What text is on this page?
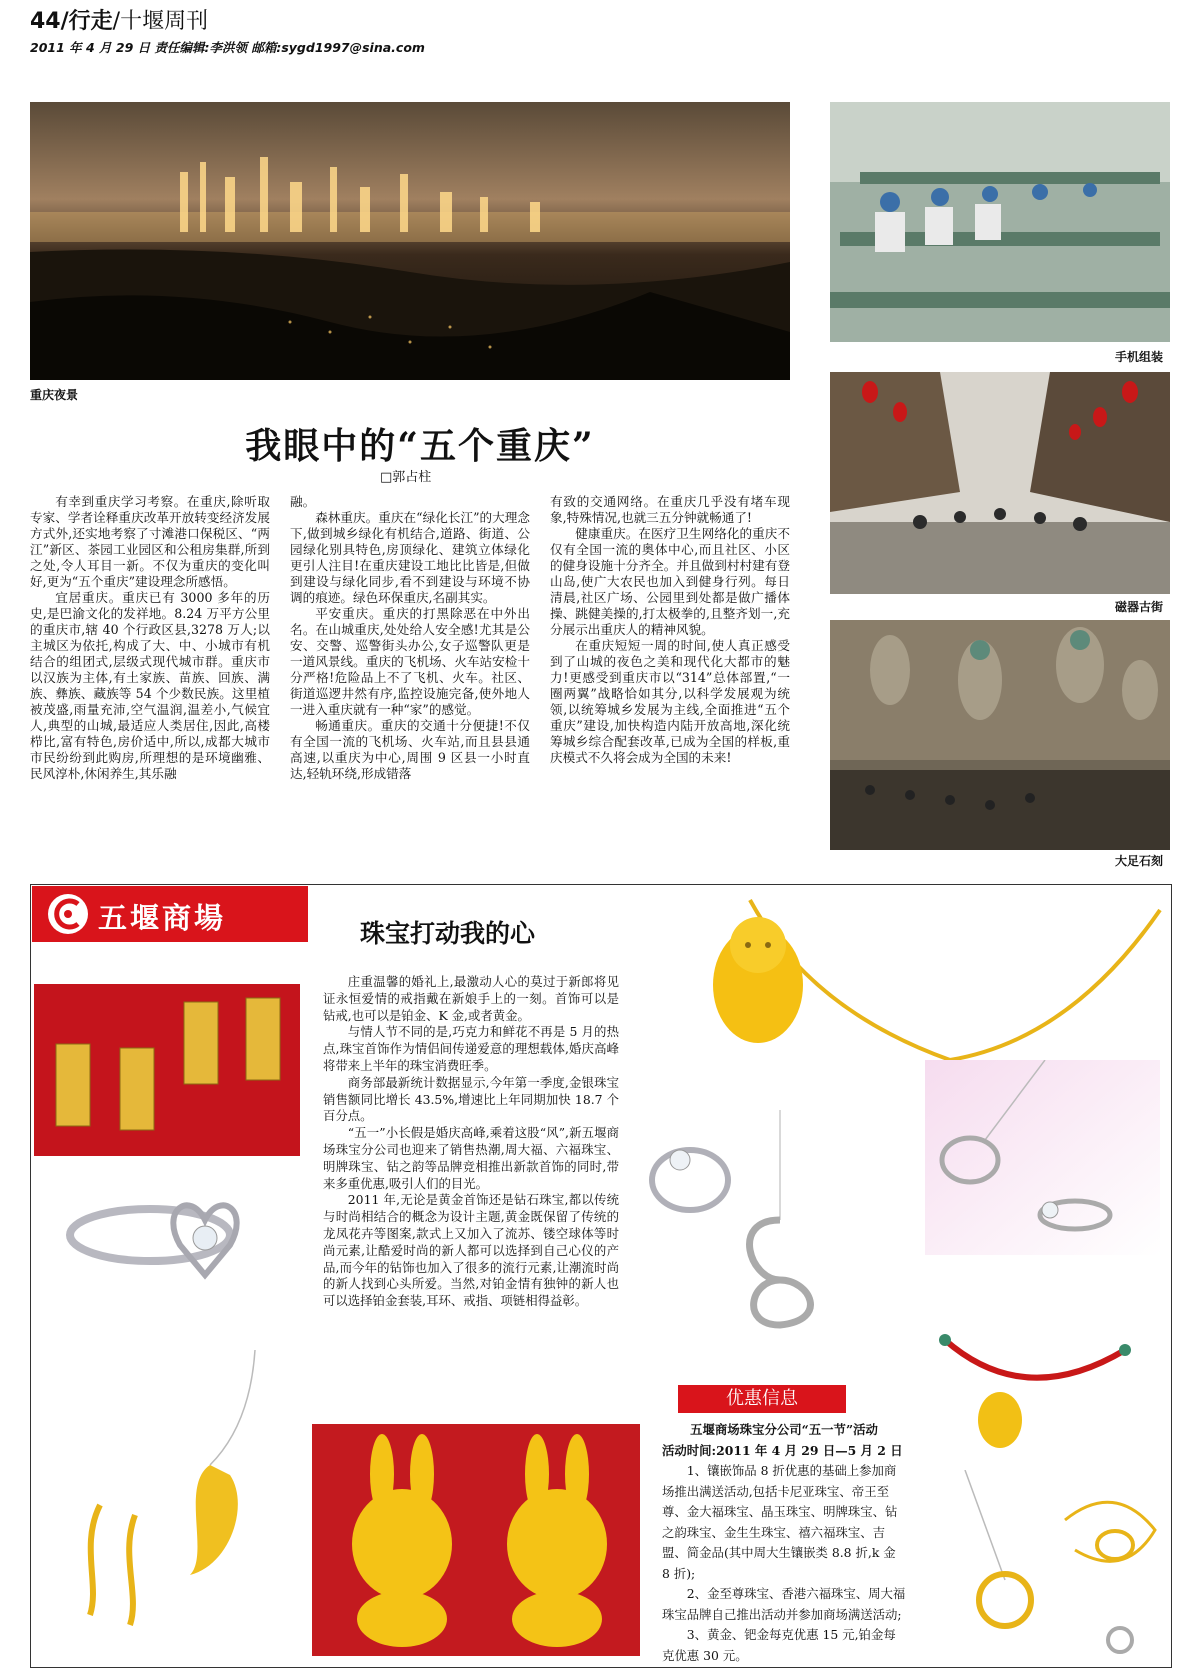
44/行走/十堰周刊
2011 年 4 月 29 日 责任编辑:李洪领 邮箱:sygd1997@sina.com
重庆夜景
手机组装
磁器古街
大足石刻
我眼中的“五个重庆”
□郭占柱

有幸到重庆学习考察。在重庆,除听取专家、学者诠释重庆改革开放转变经济发展方式外,还实地考察了寸滩港口保税区、“两江”新区、茶园工业园区和公租房集群,所到之处,令人耳目一新。不仅为重庆的变化叫好,更为“五个重庆”建设理念所感悟。

宜居重庆。重庆已有 3000 多年的历史,是巴渝文化的发祥地。8.24 万平方公里的重庆市,辖 40 个行政区县,3278 万人;以主城区为依托,构成了大、中、小城市有机结合的组团式,层级式现代城市群。重庆市以汉族为主体,有土家族、苗族、回族、满族、彝族、藏族等 54 个少数民族。这里植被茂盛,雨量充沛,空气温润,温差小,气候宜人,典型的山城,最适应人类居住,因此,高楼栉比,富有特色,房价适中,所以,成都大城市市民纷纷到此购房,所理想的是环境幽雅、民风淳朴,休闲养生,其乐融

融。

森林重庆。重庆在“绿化长江”的大理念下,做到城乡绿化有机结合,道路、街道、公园绿化别具特色,房顶绿化、建筑立体绿化更引人注目!在重庆建设工地比比皆是,但做到建设与绿化同步,看不到建设与环境不协调的痕迹。绿色环保重庆,名副其实。

平安重庆。重庆的打黑除恶在中外出名。在山城重庆,处处给人安全感!尤其是公安、交警、巡警街头办公,女子巡警队更是一道风景线。重庆的飞机场、火车站安检十分严格!危险品上不了飞机、火车。社区、街道巡逻井然有序,监控设施完备,使外地人一进入重庆就有一种“家”的感觉。

畅通重庆。重庆的交通十分便捷!不仅有全国一流的飞机场、火车站,而且县县通高速,以重庆为中心,周围 9 区县一小时直达,轻轨环绕,形成错落

有致的交通网络。在重庆几乎没有堵车现象,特殊情况,也就三五分钟就畅通了!

健康重庆。在医疗卫生网络化的重庆不仅有全国一流的奥体中心,而且社区、小区的健身设施十分齐全。并且做到村村建有登山岛,使广大农民也加入到健身行列。每日清晨,社区广场、公园里到处都是做广播体操、跳健美操的,打太极拳的,且整齐划一,充分展示出重庆人的精神风貌。

在重庆短短一周的时间,使人真正感受到了山城的夜色之美和现代化大都市的魅力!更感受到重庆市以“314”总体部置,“一圈两翼”战略恰如其分,以科学发展观为统领,以统筹城乡发展为主线,全面推进“五个重庆”建设,加快构造内陆开放高地,深化统筹城乡综合配套改革,已成为全国的样板,重庆模式不久将会成为全国的未来!

五堰商場	珠宝打动我的心

庄重温馨的婚礼上,最激动人心的莫过于新郎将见证永恒爱情的戒指戴在新娘手上的一刻。首饰可以是钻戒,也可以是铂金、K 金,或者黄金。

与情人节不同的是,巧克力和鲜花不再是 5 月的热点,珠宝首饰作为情侣间传递爱意的理想载体,婚庆高峰将带来上半年的珠宝消费旺季。

商务部最新统计数据显示,今年第一季度,金银珠宝销售额同比增长 43.5%,增速比上年同期加快 18.7 个百分点。

“五一”小长假是婚庆高峰,乘着这股“风”,新五堰商场珠宝分公司也迎来了销售热潮,周大福、六福珠宝、明牌珠宝、钻之韵等品牌竞相推出新款首饰的同时,带来多重优惠,吸引人们的目光。

2011 年,无论是黄金首饰还是钻石珠宝,都以传统与时尚相结合的概念为设计主题,黄金既保留了传统的龙凤花卉等图案,款式上又加入了流苏、镂空球体等时尚元素,让酷爱时尚的新人都可以选择到自己心仪的产品,而今年的钻饰也加入了很多的流行元素,让潮流时尚的新人找到心头所爱。当然,对铂金情有独钟的新人也可以选择铂金套装,耳环、戒指、项链相得益彰。

优惠信息

五堰商场珠宝分公司“五一节”活动

活动时间:2011 年 4 月 29 日—5 月 2 日

1、镶嵌饰品 8 折优惠的基础上参加商场推出满送活动,包括卡尼亚珠宝、帝王至尊、金大福珠宝、晶玉珠宝、明牌珠宝、钻之韵珠宝、金生生珠宝、禧六福珠宝、吉盟、简金品(其中周大生镶嵌类 8.8 折,k 金 8 折);

2、金至尊珠宝、香港六福珠宝、周大福珠宝品牌自己推出活动并参加商场满送活动;

3、黄金、钯金每克优惠 15 元,铂金每克优惠 30 元。
